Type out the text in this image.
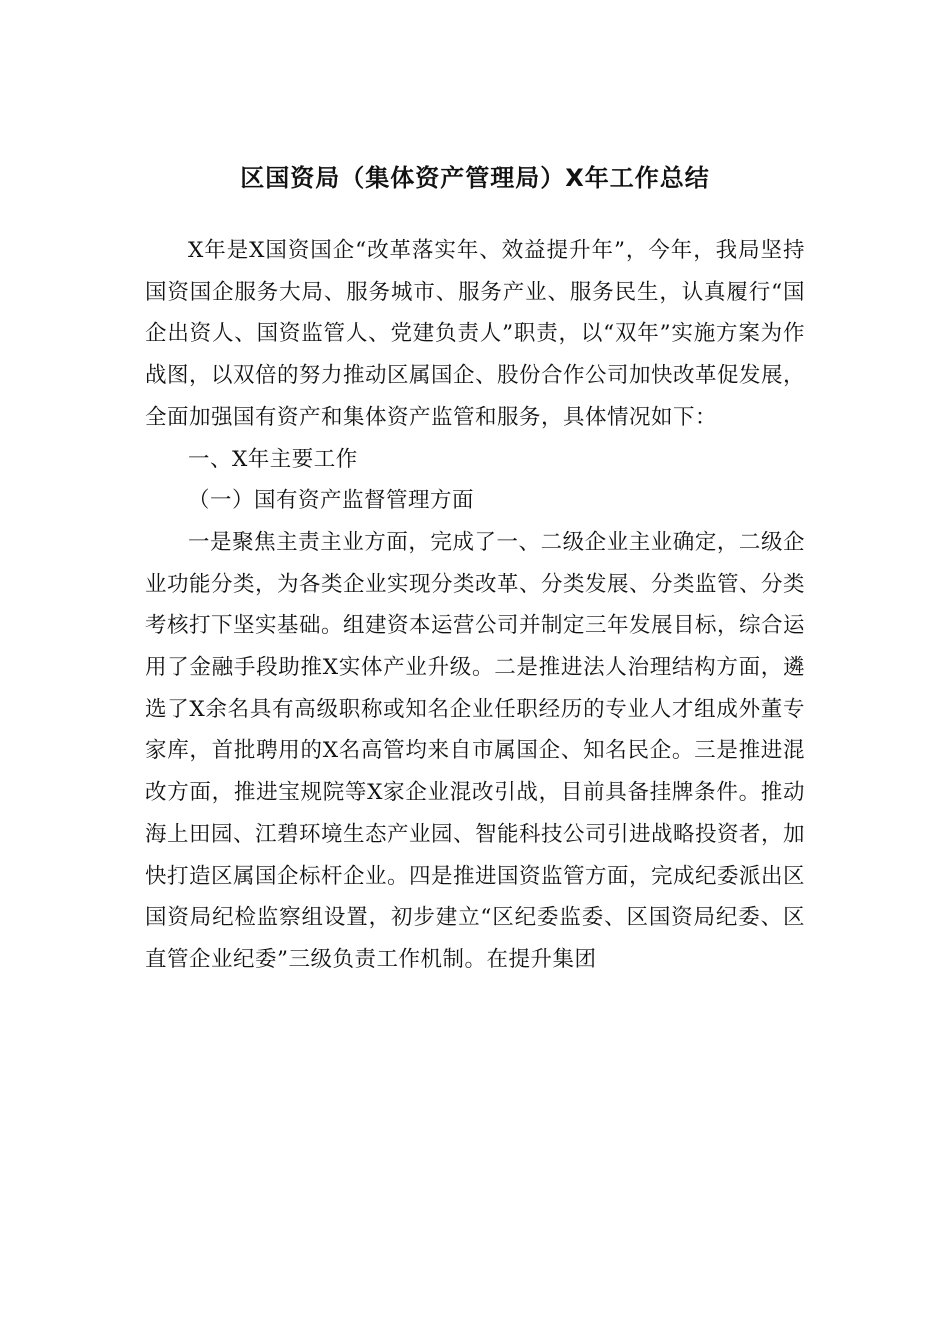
区国资局（集体资产管理局）X年工作总结

X年是X国资国企“改革落实年、效益提升年”，今年，我局坚持国资国企服务大局、服务城市、服务产业、服务民生，认真履行“国企出资人、国资监管人、党建负责人”职责，以“双年”实施方案为作战图，以双倍的努力推动区属国企、股份合作公司加快改革促发展，全面加强国有资产和集体资产监管和服务，具体情况如下：

一、X年主要工作

（一）国有资产监督管理方面

一是聚焦主责主业方面，完成了一、二级企业主业确定，二级企业功能分类，为各类企业实现分类改革、分类发展、分类监管、分类考核打下坚实基础。组建资本运营公司并制定三年发展目标，综合运用了金融手段助推X实体产业升级。二是推进法人治理结构方面，遴选了X余名具有高级职称或知名企业任职经历的专业人才组成外董专家库，首批聘用的X名高管均来自市属国企、知名民企。三是推进混改方面，推进宝规院等X家企业混改引战，目前具备挂牌条件。推动海上田园、江碧环境生态产业园、智能科技公司引进战略投资者，加快打造区属国企标杆企业。四是推进国资监管方面，完成纪委派出区国资局纪检监察组设置，初步建立“区纪委监委、区国资局纪委、区直管企业纪委”三级负责工作机制。在提升集团
